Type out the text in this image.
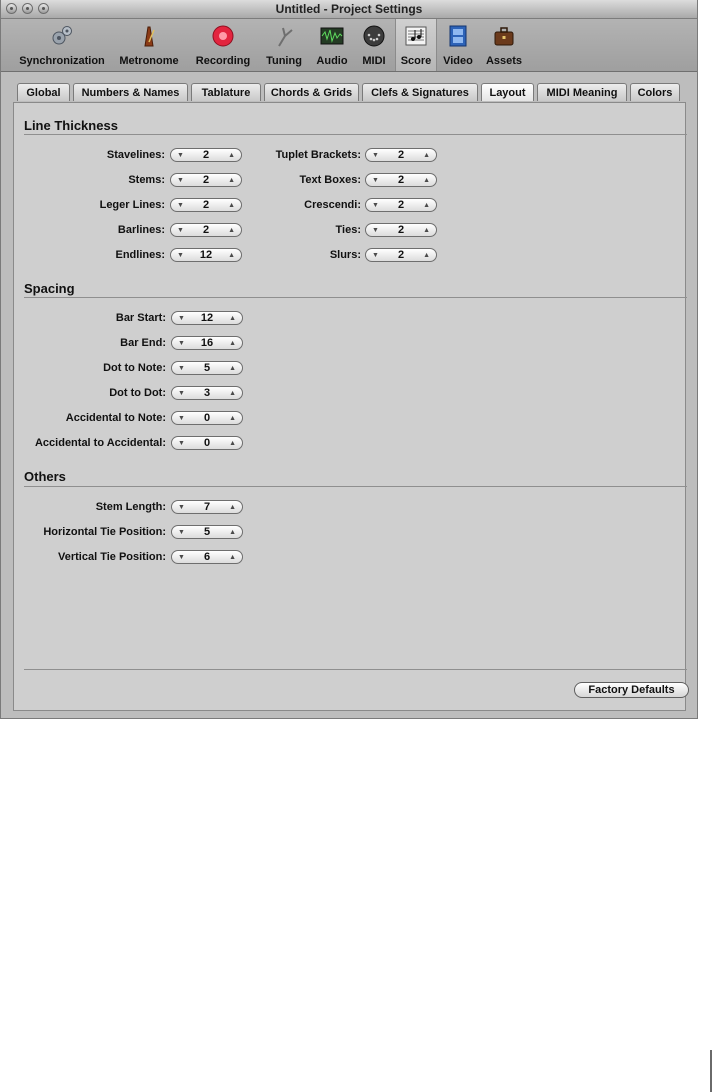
Untitled - Project Settings
Synchronization	Metronome	Recording	Tuning	Audio	MIDI	Score	Video	Assets
Global	Numbers & Names	Tablature	Chords & Grids	Clefs & Signatures	Layout	MIDI Meaning	Colors
Line Thickness
Stavelines: ▼	2	▲
Stems: ▼	2	▲
Leger Lines: ▼	2	▲
Barlines: ▼	2	▲
Endlines: ▼	12	▲
Tuplet Brackets: ▼	2	▲
Text Boxes: ▼	2	▲
Crescendi: ▼	2	▲
Ties: ▼	2	▲
Slurs: ▼	2	▲
Spacing
Bar Start: ▼	12	▲
Bar End: ▼	16	▲
Dot to Note: ▼	5	▲
Dot to Dot: ▼	3	▲
Accidental to Note: ▼	0	▲
Accidental to Accidental: ▼	0	▲
Others
Stem Length: ▼	7	▲
Horizontal Tie Position: ▼	5	▲
Vertical Tie Position: ▼	6	▲
Factory Defaults
